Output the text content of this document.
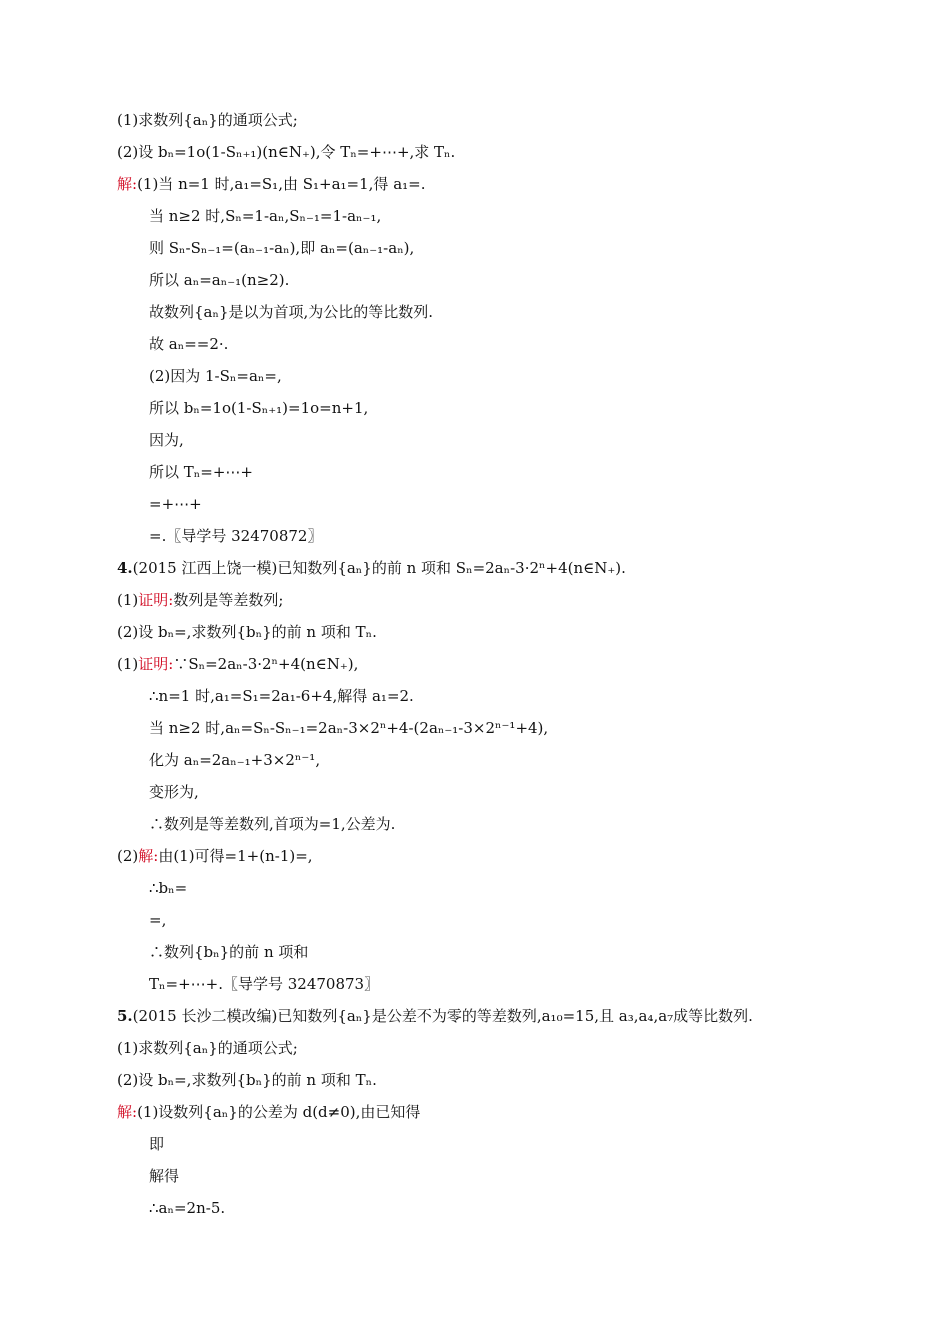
(1)求数列{aₙ}的通项公式;
(2)设 bₙ=1o(1-Sₙ₊₁)(n∈N₊),令 Tₙ=+⋯+,求 Tₙ.
解:(1)当 n=1 时,a₁=S₁,由 S₁+a₁=1,得 a₁=.
当 n≥2 时,Sₙ=1-aₙ,Sₙ₋₁=1-aₙ₋₁,
则 Sₙ-Sₙ₋₁=(aₙ₋₁-aₙ),即 aₙ=(aₙ₋₁-aₙ),
所以 aₙ=aₙ₋₁(n≥2).
故数列{aₙ}是以为首项,为公比的等比数列.
故 aₙ==2·.
(2)因为 1-Sₙ=aₙ=,
所以 bₙ=1o(1-Sₙ₊₁)=1o=n+1,
因为,
所以 Tₙ=+⋯+
=+⋯+
=.〖导学号 32470872〗
4.(2015 江西上饶一模)已知数列{aₙ}的前 n 项和 Sₙ=2aₙ-3·2ⁿ+4(n∈N₊).
(1)证明:数列是等差数列;
(2)设 bₙ=,求数列{bₙ}的前 n 项和 Tₙ.
(1)证明:∵Sₙ=2aₙ-3·2ⁿ+4(n∈N₊),
∴n=1 时,a₁=S₁=2a₁-6+4,解得 a₁=2.
当 n≥2 时,aₙ=Sₙ-Sₙ₋₁=2aₙ-3×2ⁿ+4-(2aₙ₋₁-3×2ⁿ⁻¹+4),
化为 aₙ=2aₙ₋₁+3×2ⁿ⁻¹,
变形为,
∴数列是等差数列,首项为=1,公差为.
(2)解:由(1)可得=1+(n-1)=,
∴bₙ=
=,
∴数列{bₙ}的前 n 项和
Tₙ=+⋯+.〖导学号 32470873〗
5.(2015 长沙二模改编)已知数列{aₙ}是公差不为零的等差数列,a₁₀=15,且 a₃,a₄,a₇成等比数列.
(1)求数列{aₙ}的通项公式;
(2)设 bₙ=,求数列{bₙ}的前 n 项和 Tₙ.
解:(1)设数列{aₙ}的公差为 d(d≠0),由已知得
即
解得
∴aₙ=2n-5.
